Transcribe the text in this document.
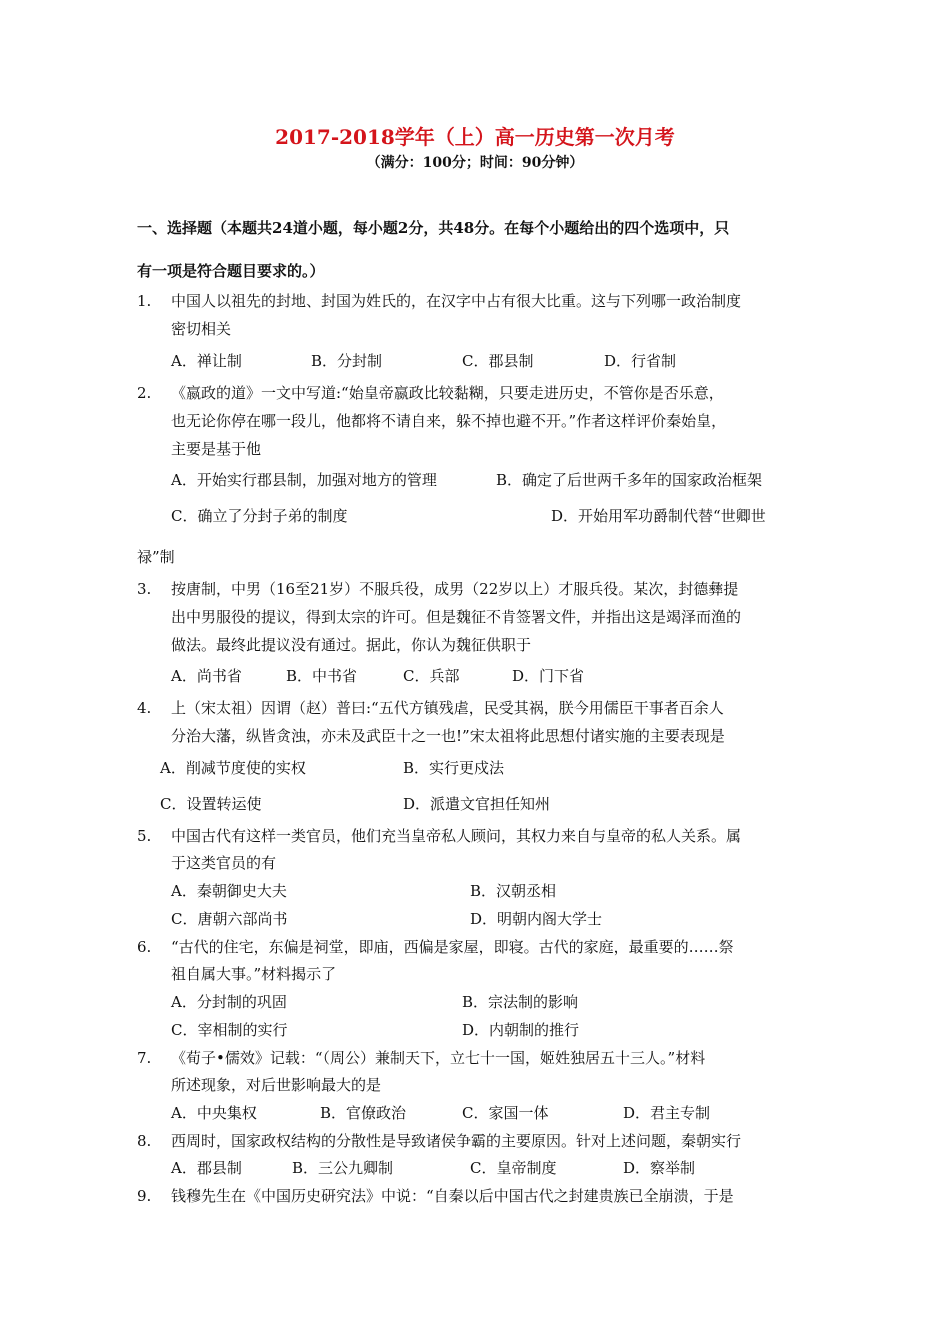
2017-2018学年（上）高一历史第一次月考
（满分：100分；时间：90分钟）
一、选择题（本题共24道小题，每小题2分，共48分。在每个小题给出的四个选项中，只
有一项是符合题目要求的。）
1. 中国人以祖先的封地、封国为姓氏的，在汉字中占有很大比重。这与下列哪一政治制度
密切相关
A．禅让制	B．分封制	C．郡县制	D．行省制
2. 《嬴政的道》一文中写道:“始皇帝嬴政比较黏糊，只要走进历史，不管你是否乐意，
也无论你停在哪一段儿，他都将不请自来，躲不掉也避不开。”作者这样评价秦始皇，
主要是基于他
A．开始实行郡县制，加强对地方的管理	B．确定了后世两千多年的国家政治框架
C．确立了分封子弟的制度	D．开始用军功爵制代替“世卿世
禄”制
3. 按唐制，中男（16至21岁）不服兵役，成男（22岁以上）才服兵役。某次，封德彝提
出中男服役的提议，得到太宗的许可。但是魏征不肯签署文件，并指出这是竭泽而渔的
做法。最终此提议没有通过。据此，你认为魏征供职于
A．尚书省	B．中书省	C．兵部	D．门下省
4. 上（宋太祖）因谓（赵）普曰:“五代方镇残虐，民受其祸，朕今用儒臣干事者百余人
分治大藩，纵皆贪浊，亦未及武臣十之一也!”宋太祖将此思想付诸实施的主要表现是
A．削减节度使的实权	B．实行更戍法
C．设置转运使	D．派遣文官担任知州
5. 中国古代有这样一类官员，他们充当皇帝私人顾问，其权力来自与皇帝的私人关系。属
于这类官员的有
A．秦朝御史大夫	B．汉朝丞相
C．唐朝六部尚书	D．明朝内阁大学士
6. “古代的住宅，东偏是祠堂，即庙，西偏是家屋，即寝。古代的家庭，最重要的……祭
祖自属大事。”材料揭示了
A．分封制的巩固	B．宗法制的影响
C．宰相制的实行	D．内朝制的推行
7. 《荀子•儒效》记载：“（周公）兼制天下，立七十一国，姬姓独居五十三人。”材料
所述现象，对后世影响最大的是
A．中央集权	B．官僚政治	C．家国一体	D．君主专制
8. 西周时，国家政权结构的分散性是导致诸侯争霸的主要原因。针对上述问题，秦朝实行
A．郡县制	B．三公九卿制	C．皇帝制度	D．察举制
9. 钱穆先生在《中国历史研究法》中说：“自秦以后中国古代之封建贵族已全崩溃，于是
